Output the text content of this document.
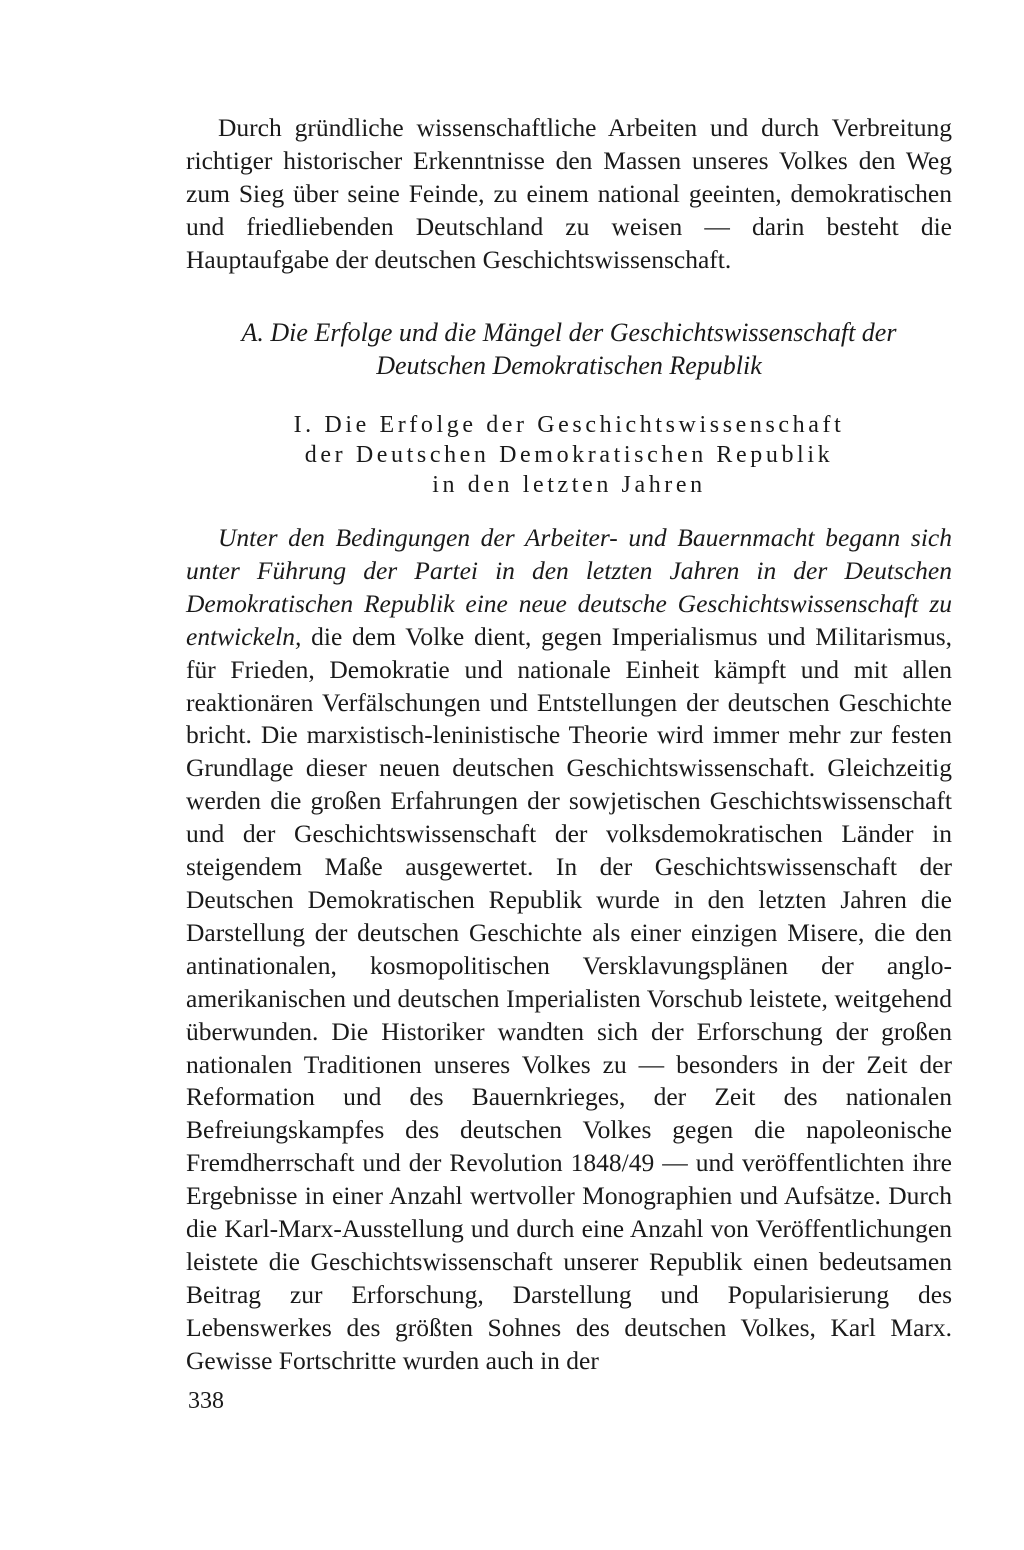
Durch gründliche wissenschaftliche Arbeiten und durch Verbreitung richtiger historischer Erkenntnisse den Massen unseres Volkes den Weg zum Sieg über seine Feinde, zu einem national geeinten, demokratischen und friedliebenden Deutschland zu weisen — darin besteht die Hauptaufgabe der deutschen Geschichtswissenschaft.

A. Die Erfolge und die Mängel der Geschichtswissenschaft der
Deutschen Demokratischen Republik
I. Die Erfolge der Geschichtswissenschaft
der Deutschen Demokratischen Republik
in den letzten Jahren

Unter den Bedingungen der Arbeiter- und Bauernmacht begann sich unter Führung der Partei in den letzten Jahren in der Deutschen Demokratischen Republik eine neue deutsche Geschichtswissenschaft zu entwickeln, die dem Volke dient, gegen Imperialismus und Militarismus, für Frieden, Demokratie und nationale Einheit kämpft und mit allen reaktionären Verfälschungen und Entstellungen der deutschen Geschichte bricht. Die marxistisch-leninistische Theorie wird immer mehr zur festen Grundlage dieser neuen deutschen Geschichtswissenschaft. Gleichzeitig werden die großen Erfahrungen der sowjetischen Geschichtswissenschaft und der Geschichtswissenschaft der volksdemokratischen Länder in steigendem Maße ausgewertet. In der Geschichtswissenschaft der Deutschen Demokratischen Republik wurde in den letzten Jahren die Darstellung der deutschen Geschichte als einer einzigen Misere, die den antinationalen, kosmopolitischen Versklavungsplänen der anglo-amerikanischen und deutschen Imperialisten Vorschub leistete, weitgehend überwunden. Die Historiker wandten sich der Erforschung der großen nationalen Traditionen unseres Volkes zu — besonders in der Zeit der Reformation und des Bauernkrieges, der Zeit des nationalen Befreiungskampfes des deutschen Volkes gegen die napoleonische Fremdherrschaft und der Revolution 1848/49 — und veröffentlichten ihre Ergebnisse in einer Anzahl wertvoller Monographien und Aufsätze. Durch die Karl-Marx-Ausstellung und durch eine Anzahl von Veröffentlichungen leistete die Geschichtswissenschaft unserer Republik einen bedeutsamen Beitrag zur Erforschung, Darstellung und Popularisierung des Lebenswerkes des größten Sohnes des deutschen Volkes, Karl Marx. Gewisse Fortschritte wurden auch in der

338
